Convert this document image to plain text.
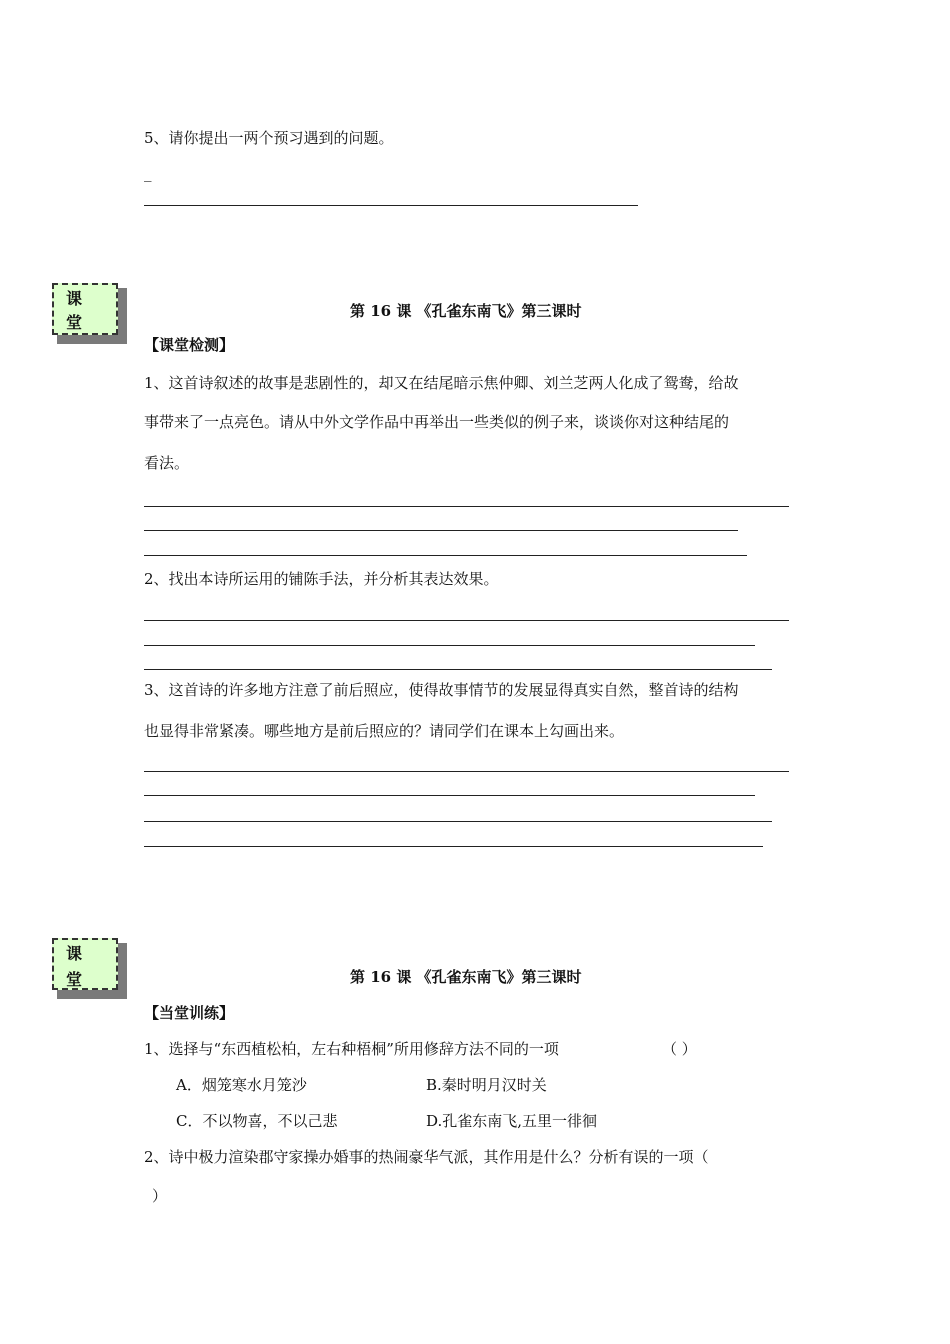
5、请你提出一两个预习遇到的问题。
_
课
堂
第 16 课 《孔雀东南飞》第三课时
【课堂检测】
1、这首诗叙述的故事是悲剧性的，却又在结尾暗示焦仲卿、刘兰芝两人化成了鸳鸯，给故
事带来了一点亮色。请从中外文学作品中再举出一些类似的例子来，谈谈你对这种结尾的
看法。
2、找出本诗所运用的铺陈手法，并分析其表达效果。
3、这首诗的许多地方注意了前后照应，使得故事情节的发展显得真实自然，整首诗的结构
也显得非常紧凑。哪些地方是前后照应的？请同学们在课本上勾画出来。
课
堂	第 16 课 《孔雀东南飞》第三课时
【当堂训练】
1、选择与“东西植松柏，左右种梧桐”所用修辞方法不同的一项	（ ）
A．烟笼寒水月笼沙	B.秦时明月汉时关
C．不以物喜，不以己悲	D.孔雀东南飞,五里一徘徊
2、诗中极力渲染郡守家操办婚事的热闹豪华气派，其作用是什么？分析有误的一项（
）
